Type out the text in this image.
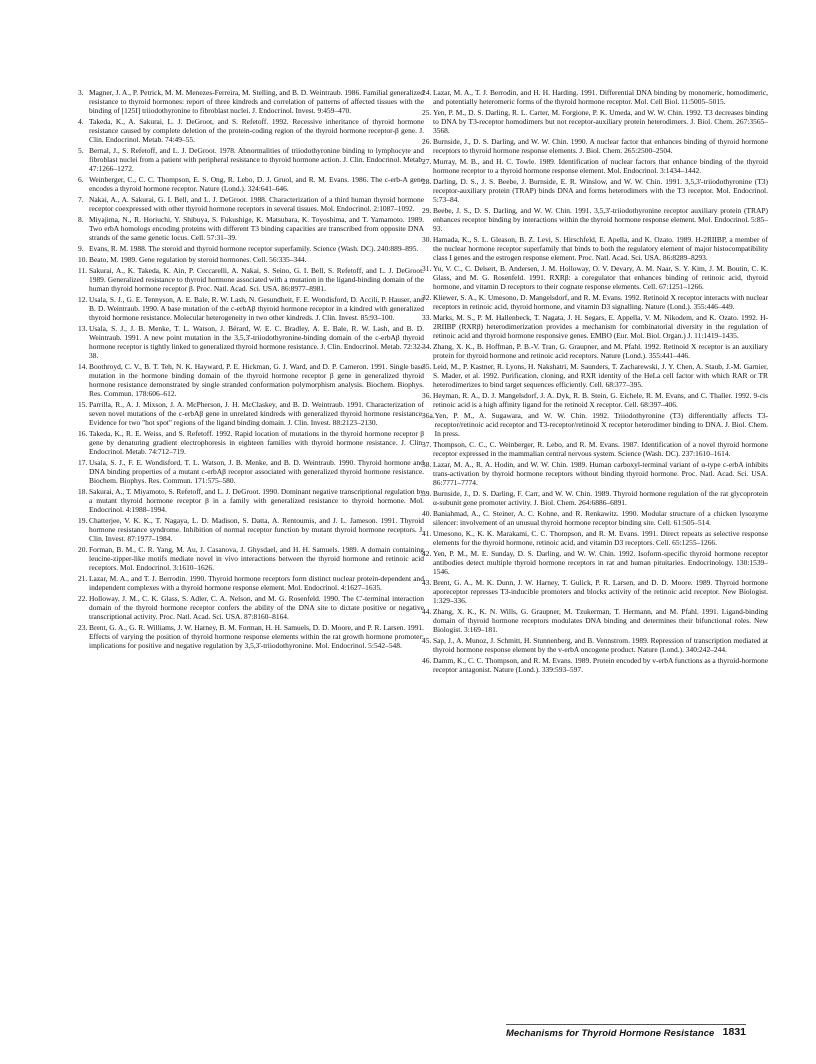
3. Magner, J. A., P. Petrick, M. M. Menezes-Ferreira, M. Stelling, and B. D. Weintraub. 1986. Familial generalized resistance to thyroid hormones: report of three kindreds and correlation of patterns of affected tissues with the binding of [125I] triiodothyronine to fibroblast nuclei. J. Endocrinol. Invest. 9:459–470.
4. Takeda, K., A. Sakurai, L. J. DeGroot, and S. Refetoff. 1992. Recessive inheritance of thyroid hormone resistance caused by complete deletion of the protein-coding region of the thyroid hormone receptor-β gene. J. Clin. Endocrinol. Metab. 74:49–55.
5. Bernal, J., S. Refetoff, and L. J. DeGroot. 1978. Abnormalities of triiodothyronine binding to lymphocyte and fibroblast nuclei from a patient with peripheral resistance to thyroid hormone action. J. Clin. Endocrinol. Metab. 47:1266–1272.
6. Weinberger, C., C. C. Thompson, E. S. Ong, R. Lebo, D. J. Gruol, and R. M. Evans. 1986. The c-erb-A gene encodes a thyroid hormone receptor. Nature (Lond.). 324:641–646.
7. Nakai, A., A. Sakurai, G. I. Bell, and L. J. DeGroot. 1988. Characterization of a third human thyroid hormone receptor coexpressed with other thyroid hormone receptors in several tissues. Mol. Endocrinol. 2:1087–1092.
8. Miyajima, N., R. Horiuchi, Y. Shibuya, S. Fukushige, K. Matsubara, K. Toyoshima, and T. Yamamoto. 1989. Two erbA homologs encoding proteins with different T3 binding capacities are transcribed from opposite DNA strands of the same genetic locus. Cell. 57:31–39.
9. Evans, R. M. 1988. The steroid and thyroid hormone receptor superfamily. Science (Wash. DC). 240:889–895.
10. Beato, M. 1989. Gene regulation by steroid hormones. Cell. 56:335–344.
11. Sakurai, A., K. Takeda, K. Ain, P. Ceccarelli, A. Nakai, S. Seino, G. I. Bell, S. Refetoff, and L. J. DeGroot. 1989. Generalized resistance to thyroid hormone associated with a mutation in the ligand-binding domain of the human thyroid hormone receptor β. Proc. Natl. Acad. Sci. USA. 86:8977–8981.
12. Usala, S. J., G. E. Tennyson, A. E. Bale, R. W. Lash, N. Gesundheit, F. E. Wondisford, D. Accili, P. Hauser, and B. D. Weintraub. 1990. A base mutation of the c-erbAβ thyroid hormone receptor in a kindred with generalized thyroid hormone resistance. Molecular heterogeneity in two other kindreds. J. Clin. Invest. 85:93–100.
13. Usala, S. J., J. B. Menke, T. L. Watson, J. Bérard, W. E. C. Bradley, A. E. Bale, R. W. Lash, and B. D. Weintraub. 1991. A new point mutation in the 3,5,3'-triiodothyronine-binding domain of the c-erbAβ thyroid hormone receptor is tightly linked to generalized thyroid hormone resistance. J. Clin. Endocrinol. Metab. 72:32–38.
14. Boothroyd, C. V., B. T. Teh, N. K. Hayward, P. E. Hickman, G. J. Ward, and D. P. Cameron. 1991. Single base mutation in the hormone binding domain of the thyroid hormone receptor β gene in generalized thyroid hormone resistance demonstrated by single stranded conformation polymorphism analysis. Biochem. Biophys. Res. Commun. 178:606–612.
15. Parrilla, R., A. J. Mixson, J. A. McPherson, J. H. McClaskey, and B. D. Weintraub. 1991. Characterization of seven novel mutations of the c-erbAβ gene in unrelated kindreds with generalized thyroid hormone resistance. Evidence for two "hot spot" regions of the ligand binding domain. J. Clin. Invest. 88:2123–2130.
16. Takeda, K., R. E. Weiss, and S. Refetoff. 1992. Rapid location of mutations in the thyroid hormone receptor β gene by denaturing gradient electrophoresis in eighteen families with thyroid hormone resistance. J. Clin. Endocrinol. Metab. 74:712–719.
17. Usala, S. J., F. E. Wondisford, T. L. Watson, J. B. Menke, and B. D. Weintraub. 1990. Thyroid hormone and DNA binding properties of a mutant c-erbAβ receptor associated with generalized thyroid hormone resistance. Biochem. Biophys. Res. Commun. 171:575–580.
18. Sakurai, A., T. Miyamoto, S. Refetoff, and L. J. DeGroot. 1990. Dominant negative transcriptional regulation by a mutant thyroid hormone receptor β in a family with generalized resistance to thyroid hormone. Mol. Endocrinol. 4:1988–1994.
19. Chatterjee, V. K. K., T. Nagaya, L. D. Madison, S. Datta, A. Rentoumis, and J. L. Jameson. 1991. Thyroid hormone resistance syndrome. Inhibition of normal receptor function by mutant thyroid hormone receptors. J. Clin. Invest. 87:1977–1984.
20. Forman, B. M., C. R. Yang, M. Au, J. Casanova, J. Ghysdael, and H. H. Samuels. 1989. A domain containing leucine-zipper-like motifs mediate novel in vivo interactions between the thyroid hormone and retinoic acid receptors. Mol. Endocrinol. 3:1610–1626.
21. Lazar, M. A., and T. J. Berrodin. 1990. Thyroid hormone receptors form distinct nuclear protein-dependent and independent complexes with a thyroid hormone response element. Mol. Endocrinol. 4:1627–1635.
22. Holloway, J. M., C. K. Glass, S. Adler, C. A. Nelson, and M. G. Rosenfeld. 1990. The C'-terminal interaction domain of the thyroid hormone receptor confers the ability of the DNA site to dictate positive or negative transcriptional activity. Proc. Natl. Acad. Sci. USA. 87:8160–8164.
23. Brent, G. A., G. R. Williams, J. W. Harney, B. M. Forman, H. H. Samuels, D. D. Moore, and P. R. Larsen. 1991. Effects of varying the position of thyroid hormone response elements within the rat growth hormone promoter: implications for positive and negative regulation by 3,5,3'-triiodothyronine. Mol. Endocrinol. 5:542–548.
24. Lazar, M. A., T. J. Berrodin, and H. H. Harding. 1991. Differential DNA binding by monomeric, homodimeric, and potentially heteromeric forms of the thyroid hormone receptor. Mol. Cell Biol. 11:5005–5015.
25. Yen, P. M., D. S. Darling, R. L. Carter, M. Forgione, P. K. Umeda, and W. W. Chin. 1992. T3 decreases binding to DNA by T3-receptor homodimers but not receptor-auxiliary protein heterodimers. J. Biol. Chem. 267:3565–3568.
26. Burnside, J., D. S. Darling, and W. W. Chin. 1990. A nuclear factor that enhances binding of thyroid hormone receptors to thyroid hormone response elements. J. Biol. Chem. 265:2500–2504.
27. Murray, M. B., and H. C. Towle. 1989. Identification of nuclear factors that enhance binding of the thyroid hormone receptor to a thyroid hormone response element. Mol. Endocrinol. 3:1434–1442.
28. Darling, D. S., J. S. Beebe, J. Burnside, E. R. Winslow, and W. W. Chin. 1991. 3,5,3'-triiodothyronine (T3) receptor-auxiliary protein (TRAP) binds DNA and forms heterodimers with the T3 receptor. Mol. Endocrinol. 5:73–84.
29. Beebe, J. S., D. S. Darling, and W. W. Chin. 1991. 3,5,3'-triiodothyronine receptor auxiliary protein (TRAP) enhances receptor binding by interactions within the thyroid hormone response element. Mol. Endocrinol. 5:85–93.
30. Hamada, K., S. L. Gleason, B. Z. Levi, S. Hirschfeld, E. Apella, and K. Ozato. 1989. H-2RIIBP, a member of the nuclear hormone receptor superfamily that binds to both the regulatory element of major histocompatibility class I genes and the estrogen response element. Proc. Natl. Acad. Sci. USA. 86:8289–8293.
31. Yu, V. C., C. Delsert, B. Andersen, J. M. Holloway, O. V. Devary, A. M. Naar, S. Y. Kim, J. M. Boutin, C. K. Glass, and M. G. Rosenfeld. 1991. RXRβ: a coregulator that enhances binding of retinoic acid, thyroid hormone, and vitamin D receptors to their cognate response elements. Cell. 67:1251–1266.
32. Kliewer, S. A., K. Umesono, D. Mangelsdorf, and R. M. Evans. 1992. Retinoid X receptor interacts with nuclear receptors in retinoic acid, thyroid hormone, and vitamin D3 signalling. Nature (Lond.). 355:446–449.
33. Marks, M. S., P. M. Hallenbeck, T. Nagata, J. H. Segars, E. Appella, V. M. Nikodem, and K. Ozato. 1992. H-2RIIBP (RXRβ) heterodimerization provides a mechanism for combinatorial diversity in the regulation of retinoic acid and thyroid hormone responsive genes. EMBO (Eur. Mol. Biol. Organ.) J. 11:1419–1435.
34. Zhang, X. K., B. Hoffman, P. B.-V. Tran, G. Graupner, and M. Pfahl. 1992. Retinoid X receptor is an auxiliary protein for thyroid hormone and retinoic acid receptors. Nature (Lond.). 355:441–446.
35. Leid, M., P. Kastner, R. Lyons, H. Nakshatri, M. Saunders, T. Zacharewski, J. Y. Chen, A. Staub, J.-M. Garnier, S. Mader, et al. 1992. Purification, cloning, and RXR identity of the HeLa cell factor with which RAR or TR heterodimerizes to bind target sequences efficiently. Cell. 68:377–395.
36. Heyman, R. A., D. J. Mangelsdorf, J. A. Dyk, R. B. Stein, G. Eichele, R. M. Evans, and C. Thaller. 1992. 9-cis retinoic acid is a high affinity ligand for the retinoid X receptor. Cell. 68:397–406.
36a. Yen, P. M., A. Sugawara, and W. W. Chin. 1992. Triiodothyronine (T3) differentially affects T3-receptor/retinoic acid receptor and T3-receptor/retinoid X receptor heterodimer binding to DNA. J. Biol. Chem. In press.
37. Thompson, C. C., C. Weinberger, R. Lebo, and R. M. Evans. 1987. Identification of a novel thyroid hormone receptor expressed in the mammalian central nervous system. Science (Wash. DC). 237:1610–1614.
38. Lazar, M. A., R. A. Hodin, and W. W. Chin. 1989. Human carboxyl-terminal variant of α-type c-erbA inhibits trans-activation by thyroid hormone receptors without binding thyroid hormone. Proc. Natl. Acad. Sci. USA. 86:7771–7774.
39. Burnside, J., D. S. Darling, F. Carr, and W. W. Chin. 1989. Thyroid hormone regulation of the rat glycoprotein α-subunit gene promoter activity. J. Biol. Chem. 264:6886–6891.
40. Baniahmad, A., C. Steiner, A. C. Kohne, and R. Renkawitz. 1990. Modular structure of a chicken lysozyme silencer: involvement of an unusual thyroid hormone receptor binding site. Cell. 61:505–514.
41. Umesono, K., K. K. Marakami, C. C. Thompson, and R. M. Evans. 1991. Direct repeats as selective response elements for the thyroid hormone, retinoic acid, and vitamin D3 receptors. Cell. 65:1255–1266.
42. Yen, P. M., M. E. Sunday, D. S. Darling, and W. W. Chin. 1992. Isoform-specific thyroid hormone receptor antibodies detect multiple thyroid hormone receptors in rat and human pituitaries. Endocrinology. 130:1539–1546.
43. Brent, G. A., M. K. Dunn, J. W. Harney, T. Gulick, P. R. Larsen, and D. D. Moore. 1989. Thyroid hormone aporeceptor represses T3-inducible promoters and blocks activity of the retinoic acid receptor. New Biologist. 1:329–336.
44. Zhang, X. K., K. N. Wills, G. Graupner, M. Tzukerman, T. Hermann, and M. Pfahl. 1991. Ligand-binding domain of thyroid hormone receptors modulates DNA binding and determines their bifunctional roles. New Biologist. 3:169–181.
45. Sap, J., A. Munoz, J. Schmitt, H. Stunnenberg, and B. Vennstrom. 1989. Repression of transcription mediated at thyroid hormone response element by the v-erbA oncogene product. Nature (Lond.). 340:242–244.
46. Damm, K., C. C. Thompson, and R. M. Evans. 1989. Protein encoded by v-erbA functions as a thyroid-hormone receptor antagonist. Nature (Lond.). 339:593–597.
Mechanisms for Thyroid Hormone Resistance 1831
